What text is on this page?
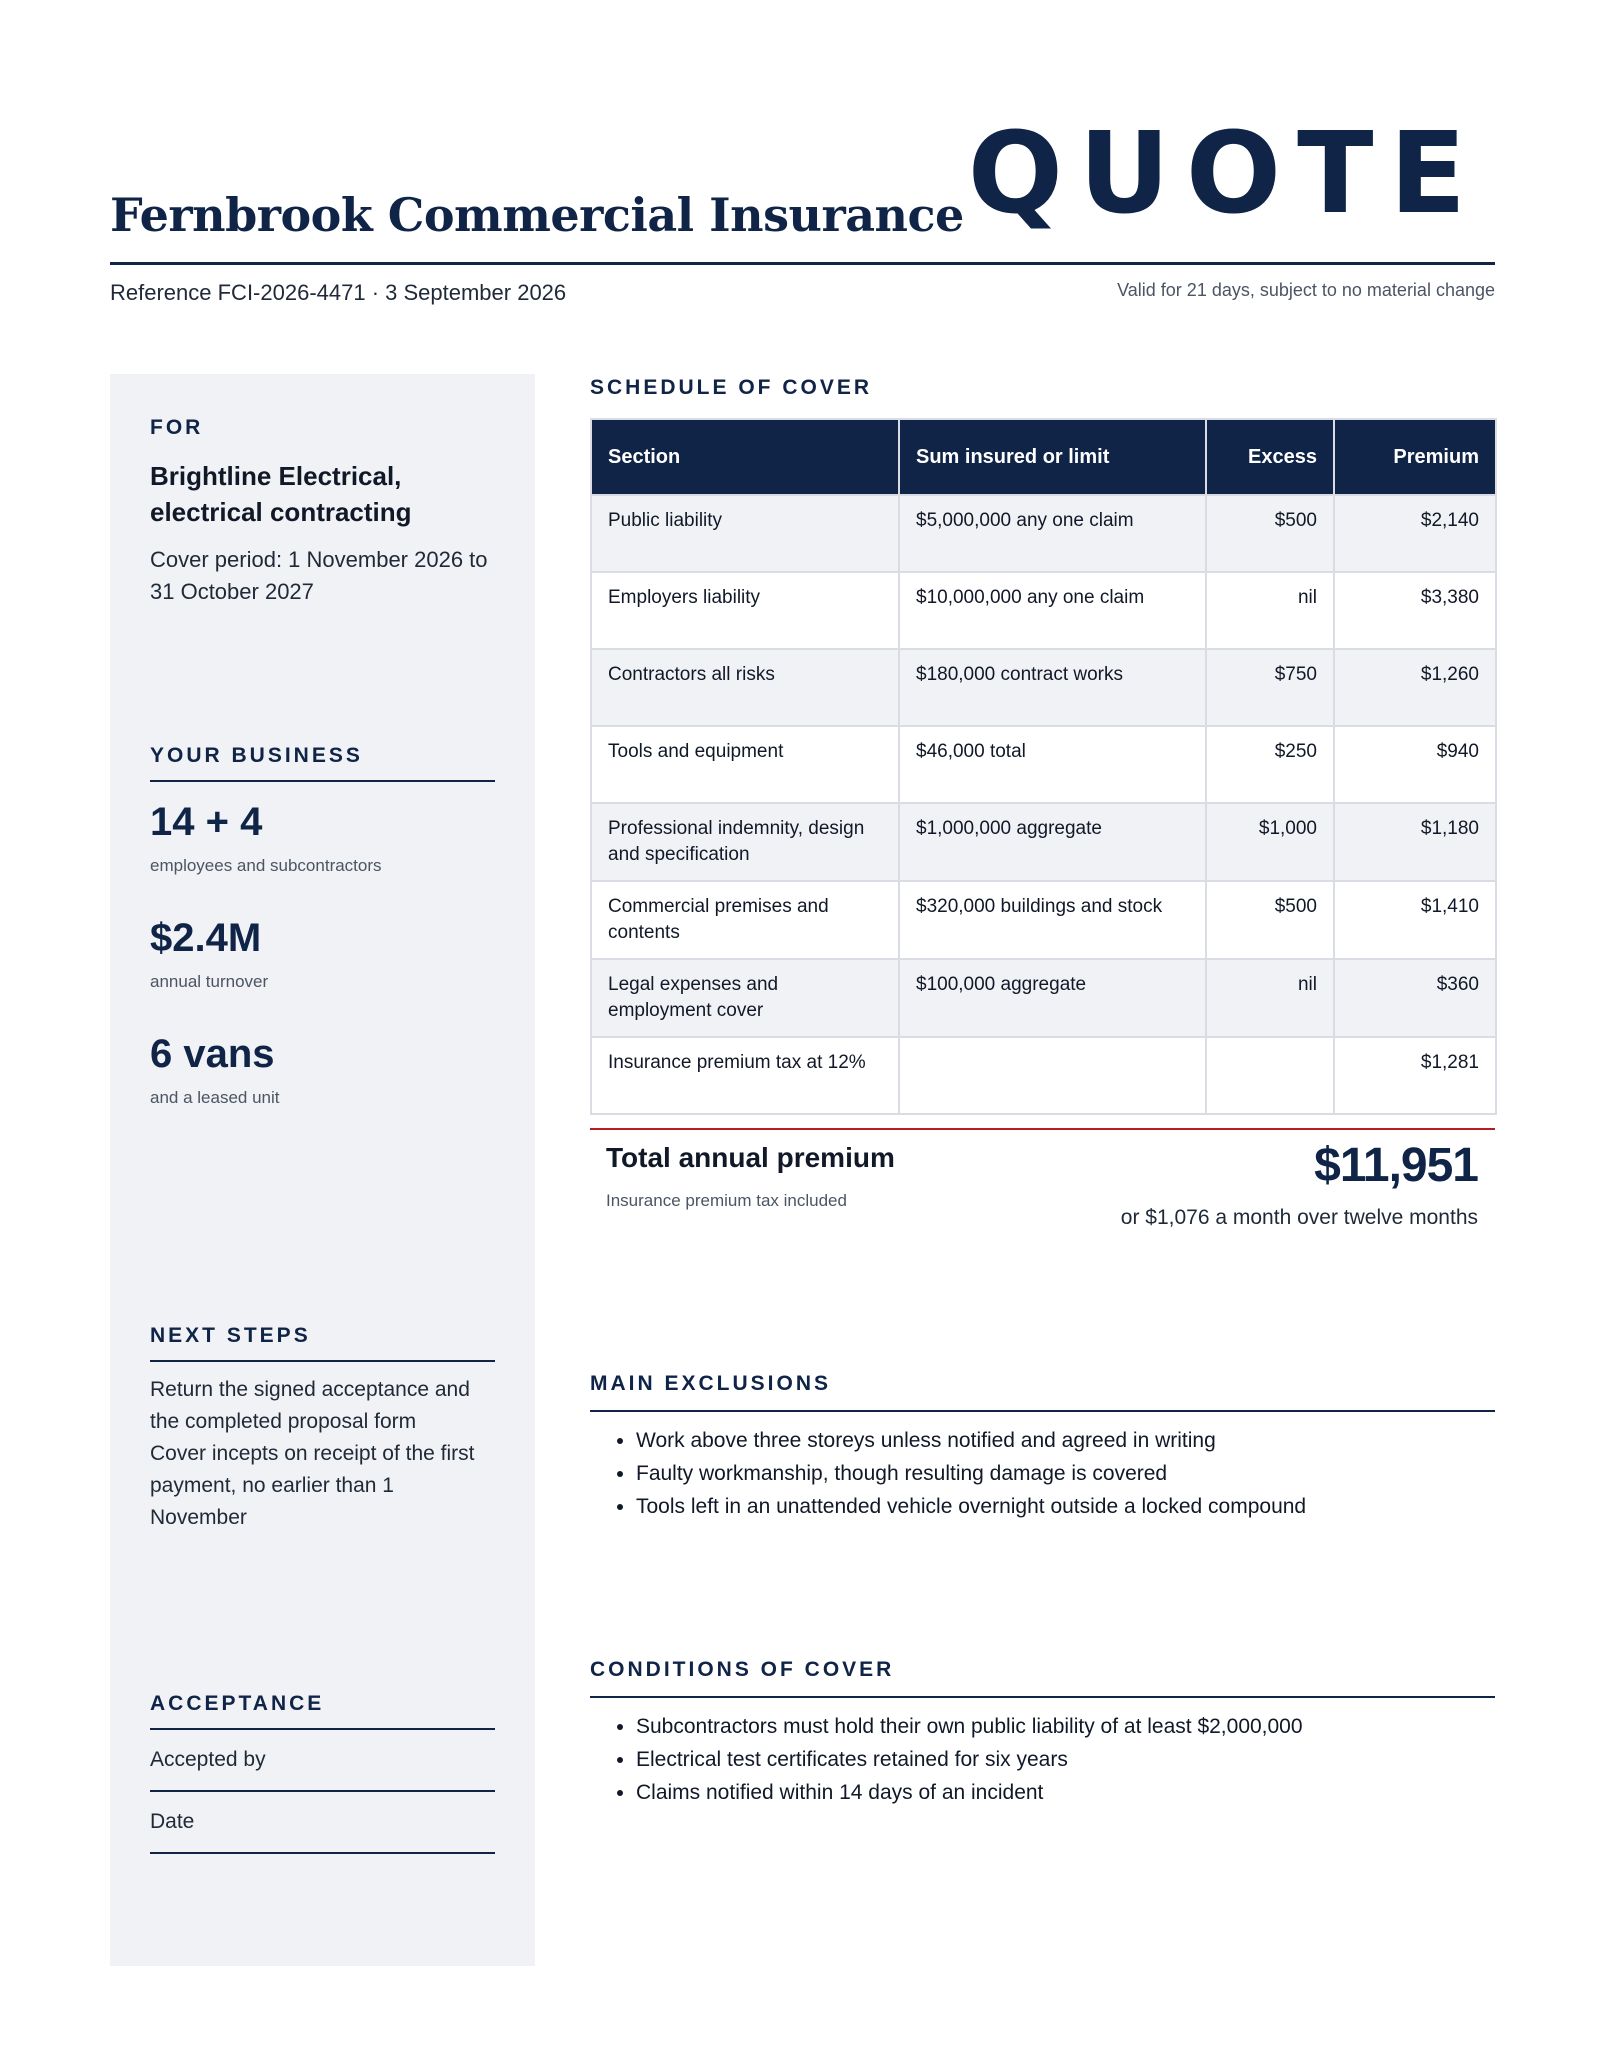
Fernbrook Commercial Insurance QUOTE
Reference FCI-2026-4471 · 3 September 2026	Valid for 21 days, subject to no material change
FOR
Brightline Electrical, electrical contracting
Cover period: 1 November 2026 to 31 October 2027
YOUR BUSINESS
14 + 4
employees and subcontractors
$2.4M
annual turnover
6 vans
and a leased unit
NEXT STEPS
Return the signed acceptance and the completed proposal form
Cover incepts on receipt of the first payment, no earlier than 1 November
ACCEPTANCE
Accepted by
Date
SCHEDULE OF COVER
Section	Sum insured or limit	Excess	Premium
Public liability	$5,000,000 any one claim	$500	$2,140
Employers liability	$10,000,000 any one claim	nil	$3,380
Contractors all risks	$180,000 contract works	$750	$1,260
Tools and equipment	$46,000 total	$250	$940
Professional indemnity, design and specification	$1,000,000 aggregate	$1,000	$1,180
Commercial premises and contents	$320,000 buildings and stock	$500	$1,410
Legal expenses and employment cover	$100,000 aggregate	nil	$360
Insurance premium tax at 12%			$1,281
Total annual premium
Insurance premium tax included
$11,951
or $1,076 a month over twelve months
MAIN EXCLUSIONS
• Work above three storeys unless notified and agreed in writing
• Faulty workmanship, though resulting damage is covered
• Tools left in an unattended vehicle overnight outside a locked compound
CONDITIONS OF COVER
• Subcontractors must hold their own public liability of at least $2,000,000
• Electrical test certificates retained for six years
• Claims notified within 14 days of an incident
